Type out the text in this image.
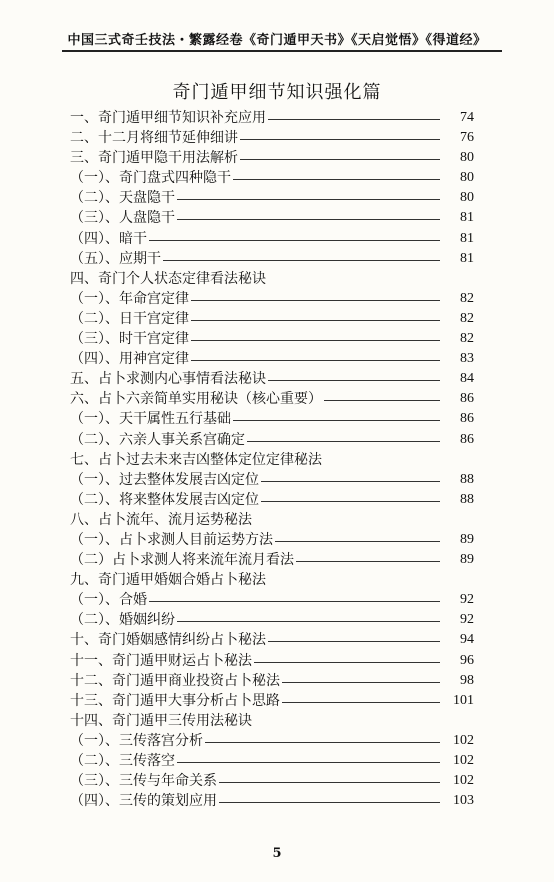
中国三式奇壬技法・繁露经卷《奇门遁甲天书》《天启觉悟》《得道经》
奇门遁甲细节知识强化篇
一、奇门遁甲细节知识补充应用	74
二、十二月将细节延伸细讲	76
三、奇门遁甲隐干用法解析	80
（一）、奇门盘式四种隐干	80
（二）、天盘隐干	80
（三）、人盘隐干	81
（四）、暗干	81
（五）、应期干	81
四、奇门个人状态定律看法秘诀
（一）、年命宫定律	82
（二）、日干宫定律	82
（三）、时干宫定律	82
（四）、用神宫定律	83
五、占卜求测内心事情看法秘诀	84
六、占卜六亲简单实用秘诀（核心重要）	86
（一）、天干属性五行基础	86
（二）、六亲人事关系宫确定	86
七、占卜过去未来吉凶整体定位定律秘法
（一）、过去整体发展吉凶定位	88
（二）、将来整体发展吉凶定位	88
八、占卜流年、流月运势秘法
（一）、占卜求测人目前运势方法	89
（二）占卜求测人将来流年流月看法	89
九、奇门遁甲婚姻合婚占卜秘法
（一）、合婚	92
（二）、婚姻纠纷	92
十、奇门婚姻感情纠纷占卜秘法	94
十一、奇门遁甲财运占卜秘法	96
十二、奇门遁甲商业投资占卜秘法	98
十三、奇门遁甲大事分析占卜思路	101
十四、奇门遁甲三传用法秘诀
（一）、三传落宫分析	102
（二）、三传落空	102
（三）、三传与年命关系	102
（四）、三传的策划应用	103
5
